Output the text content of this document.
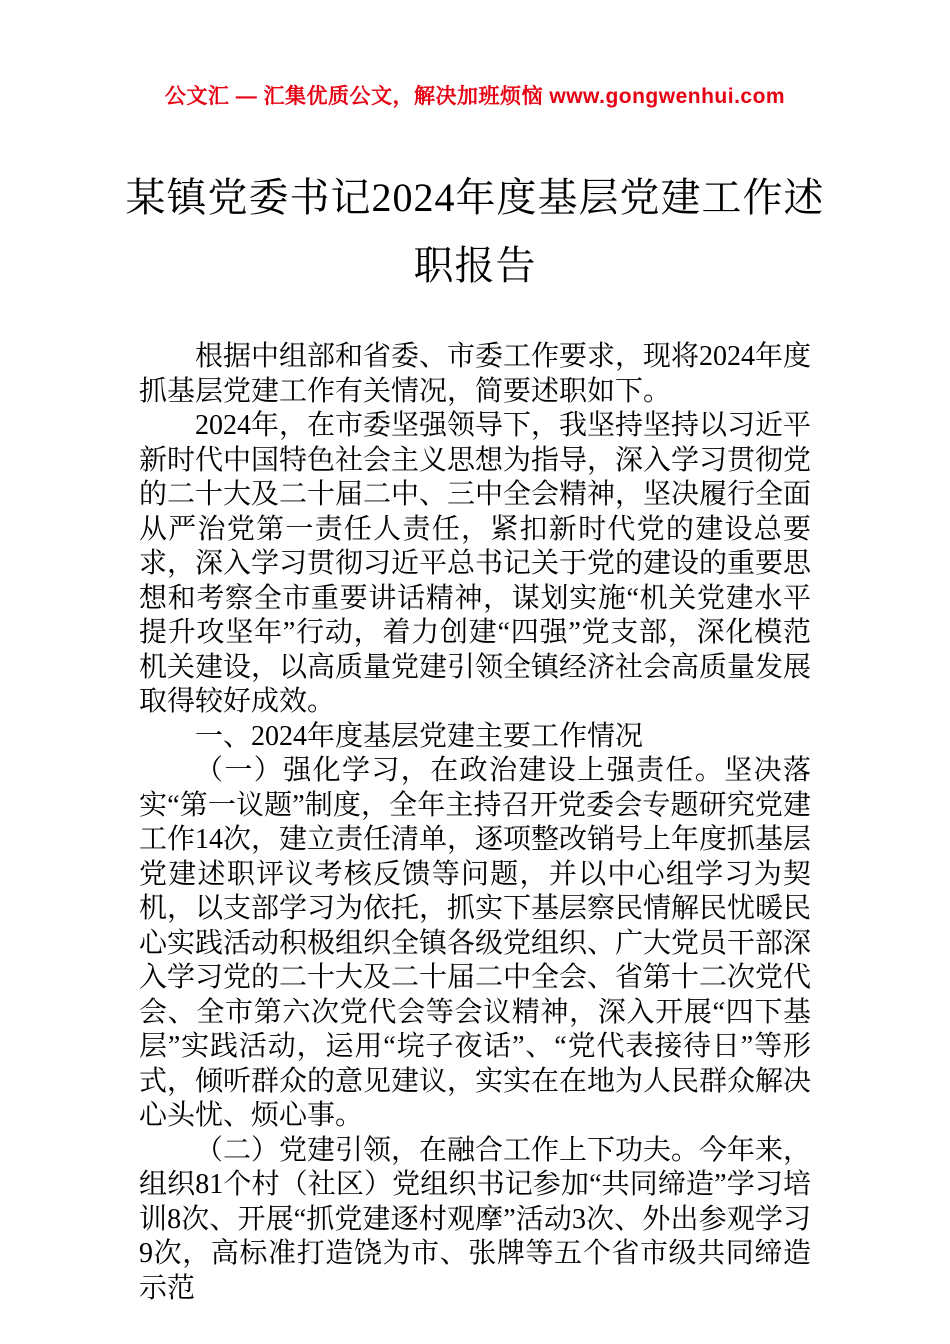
公文汇 — 汇集优质公文，解决加班烦恼 www.gongwenhui.com
某镇党委书记2024年度基层党建工作述职报告

根据中组部和省委、市委工作要求，现将2024年度抓基层党建工作有关情况，简要述职如下。

2024年，在市委坚强领导下，我坚持坚持以习近平新时代中国特色社会主义思想为指导，深入学习贯彻党的二十大及二十届二中、三中全会精神，坚决履行全面从严治党第一责任人责任，紧扣新时代党的建设总要求，深入学习贯彻习近平总书记关于党的建设的重要思想和考察全市重要讲话精神，谋划实施“机关党建水平提升攻坚年”行动，着力创建“四强”党支部，深化模范机关建设，以高质量党建引领全镇经济社会高质量发展取得较好成效。

一、2024年度基层党建主要工作情况

（一）强化学习，在政治建设上强责任。坚决落实“第一议题”制度，全年主持召开党委会专题研究党建工作14次，建立责任清单，逐项整改销号上年度抓基层党建述职评议考核反馈等问题，并以中心组学习为契机，以支部学习为依托，抓实下基层察民情解民忧暖民心实践活动积极组织全镇各级党组织、广大党员干部深入学习党的二十大及二十届二中全会、省第十二次党代会、全市第六次党代会等会议精神，深入开展“四下基层”实践活动，运用“垸子夜话”、“党代表接待日”等形式，倾听群众的意见建议，实实在在地为人民群众解决心头忧、烦心事。

（二）党建引领，在融合工作上下功夫。今年来，组织81个村（社区）党组织书记参加“共同缔造”学习培训8次、开展“抓党建逐村观摩”活动3次、外出参观学习9次，高标准打造饶为市、张牌等五个省市级共同缔造示范
